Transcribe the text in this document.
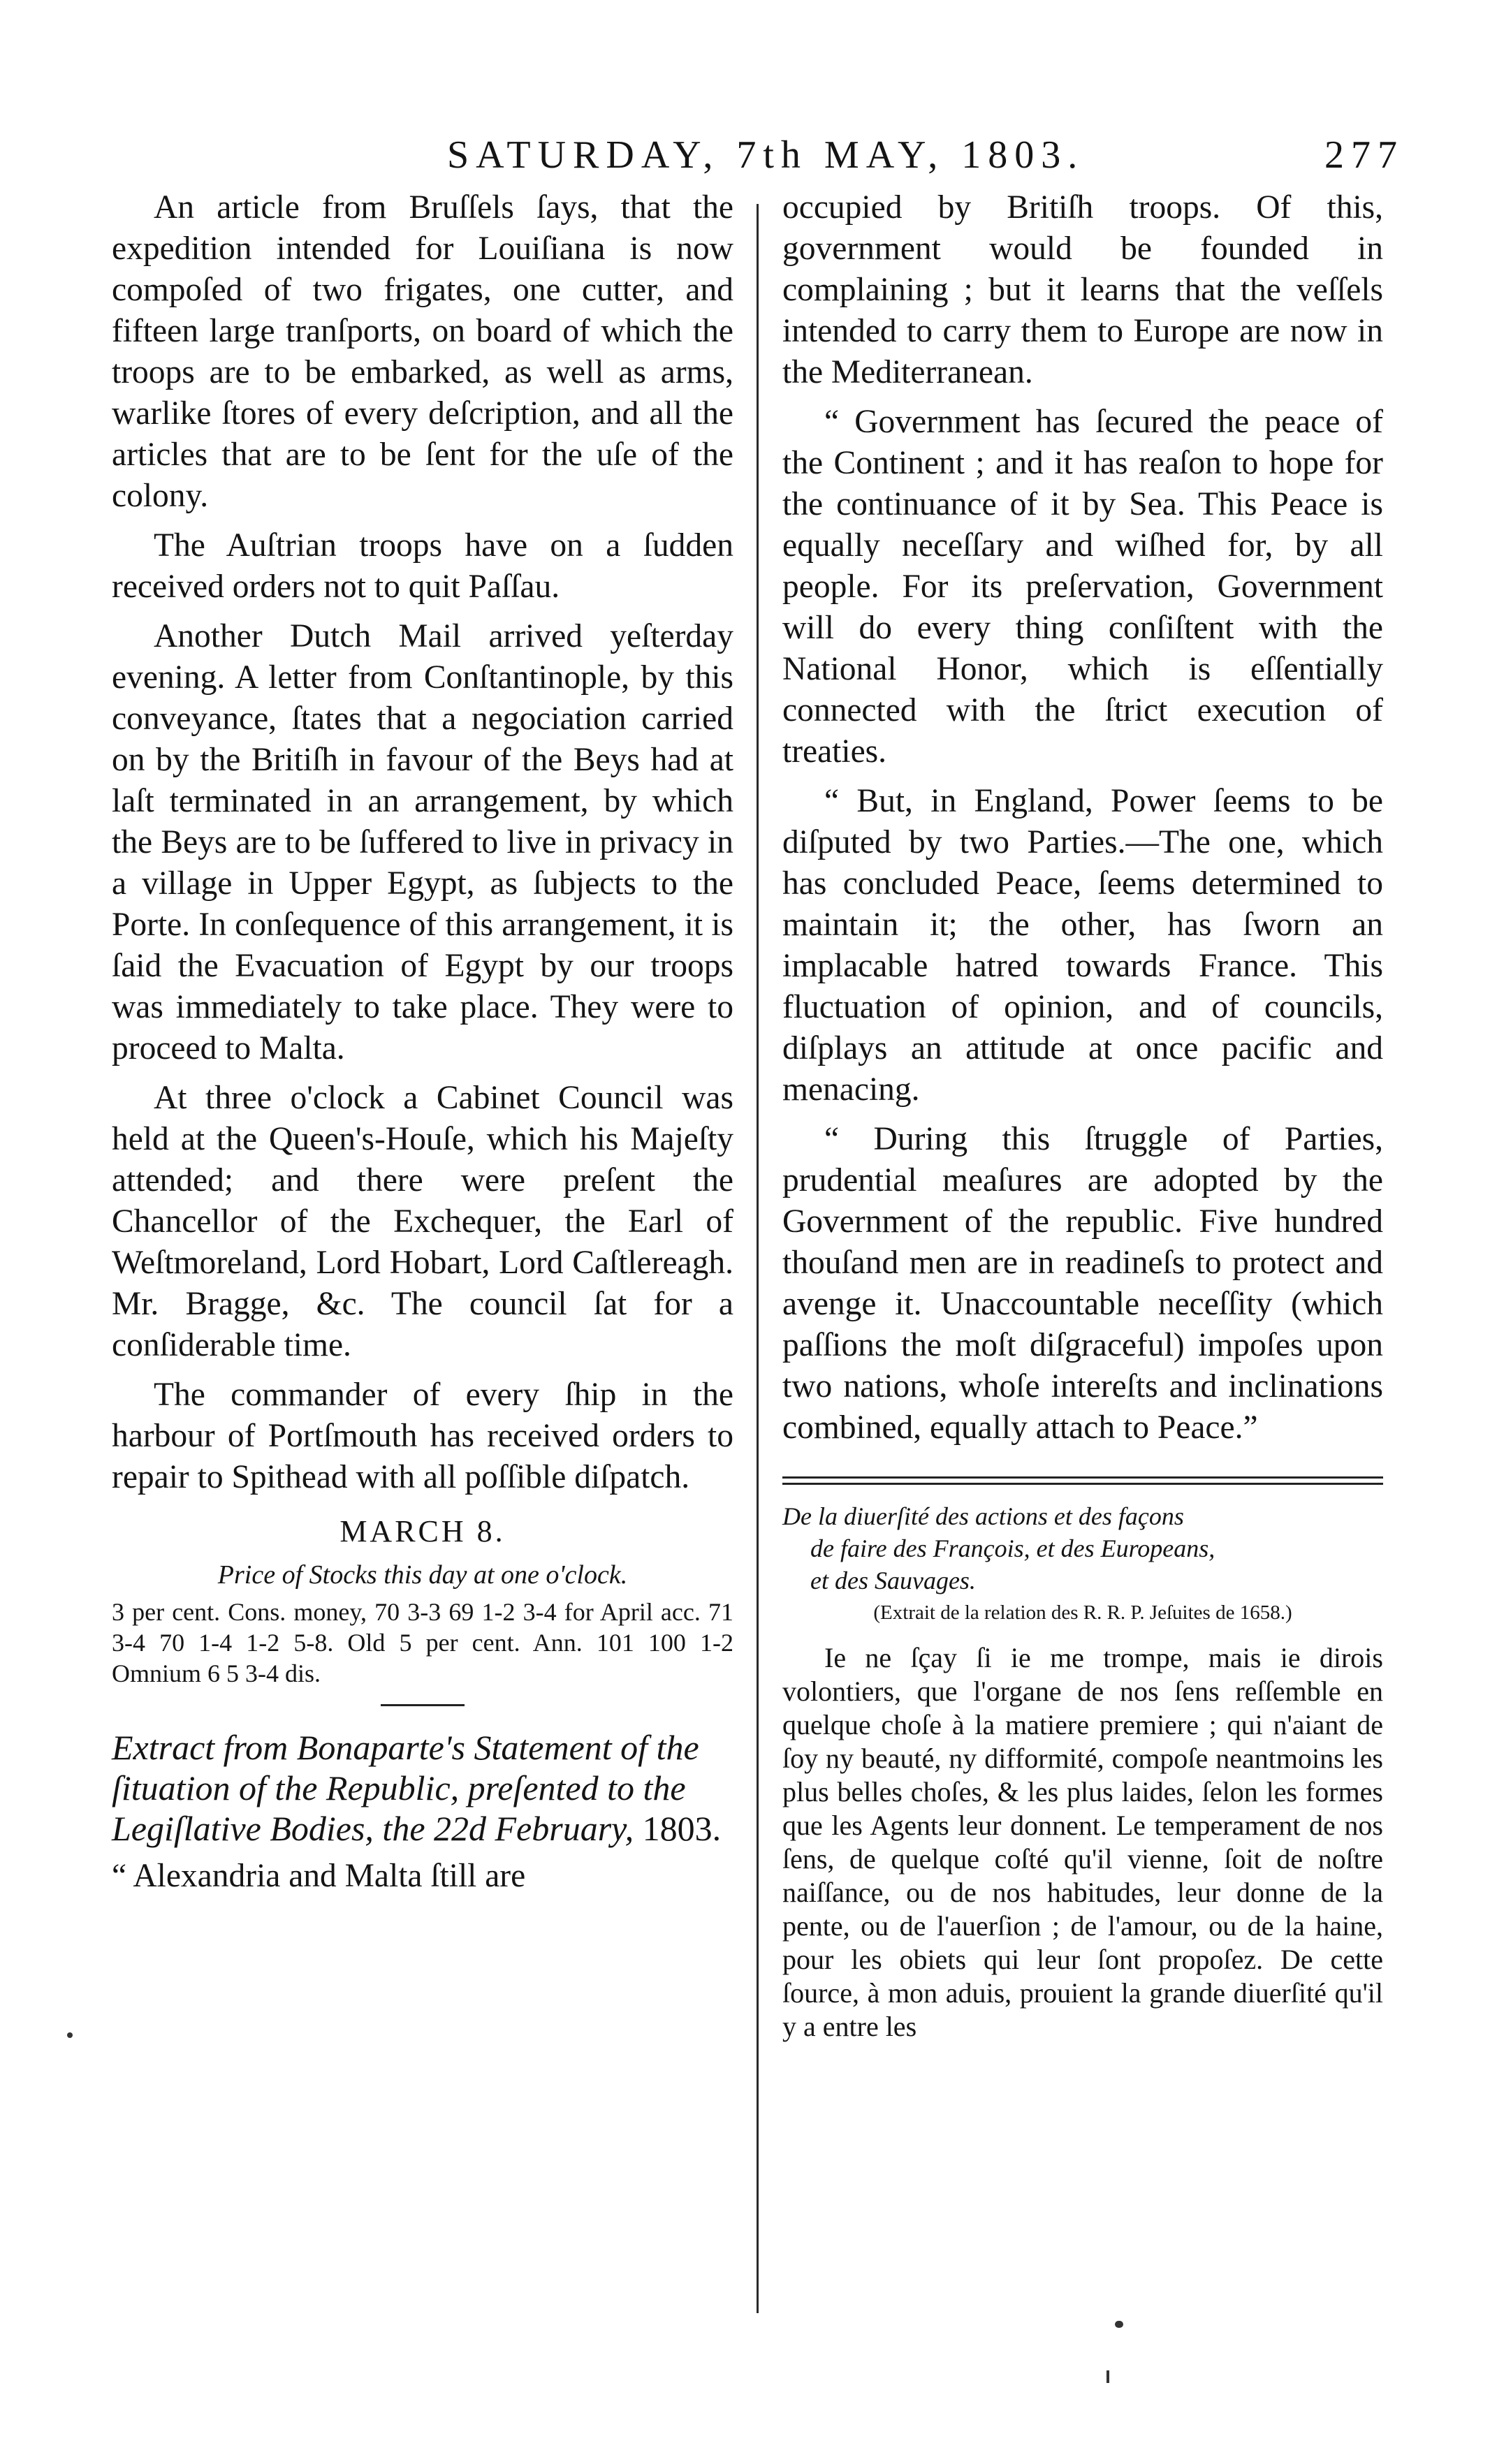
SATURDAY, 7th MAY, 1803.	277

An article from Bruſſels ſays, that the expedition intended for Louiſiana is now compoſed of two frigates, one cutter, and fifteen large tranſports, on board of which the troops are to be embarked, as well as arms, warlike ſtores of every deſcription, and all the articles that are to be ſent for the uſe of the colony.

The Auſtrian troops have on a ſudden received orders not to quit Paſſau.

Another Dutch Mail arrived yeſterday evening. A letter from Conſtantinople, by this conveyance, ſtates that a negociation carried on by the Britiſh in favour of the Beys had at laſt terminated in an arrangement, by which the Beys are to be ſuffered to live in privacy in a village in Upper Egypt, as ſubjects to the Porte. In conſequence of this arrangement, it is ſaid the Evacuation of Egypt by our troops was immediately to take place. They were to proceed to Malta.

At three o'clock a Cabinet Council was held at the Queen's-Houſe, which his Majeſty attended; and there were preſent the Chancellor of the Exchequer, the Earl of Weſtmoreland, Lord Hobart, Lord Caſtlereagh. Mr. Bragge, &c. The council ſat for a conſiderable time.

The commander of every ſhip in the harbour of Portſmouth has received orders to repair to Spithead with all poſſible diſpatch.

MARCH 8.
Price of Stocks this day at one o'clock.
3 per cent. Cons. money, 70 3-3 69 1-2 3-4 for April acc. 71 3-4 70 1-4 1-2 5-8. Old 5 per cent. Ann. 101 100 1-2 Omnium 6 5 3-4 dis.

Extract from Bonaparte's Statement of the ſituation of the Republic, preſented to the Legiſlative Bodies, the 22d February, 1803.

“ Alexandria and Malta ſtill are

occupied by Britiſh troops. Of this, government would be founded in complaining ; but it learns that the veſſels intended to carry them to Europe are now in the Mediterranean.

“ Government has ſecured the peace of the Continent ; and it has reaſon to hope for the continuance of it by Sea. This Peace is equally neceſſary and wiſhed for, by all people. For its preſervation, Government will do every thing conſiſtent with the National Honor, which is eſſentially connected with the ſtrict execution of treaties.

“ But, in England, Power ſeems to be diſputed by two Parties.—The one, which has concluded Peace, ſeems determined to maintain it; the other, has ſworn an implacable hatred towards France. This fluctuation of opinion, and of councils, diſplays an attitude at once pacific and menacing.

“ During this ſtruggle of Parties, prudential meaſures are adopted by the Government of the republic. Five hundred thouſand men are in readineſs to protect and avenge it. Unaccountable neceſſity (which paſſions the moſt diſgraceful) impoſes upon two nations, whoſe intereſts and inclinations combined, equally attach to Peace.”

De la diuerſité des actions et des façons
de faire des François, et des Europeans,
et des Sauvages.

(Extrait de la relation des R. R. P. Jeſuites de 1658.)

Ie ne ſçay ſi ie me trompe, mais ie dirois volontiers, que l'organe de nos ſens reſſemble en quelque choſe à la matiere premiere ; qui n'aiant de ſoy ny beauté, ny difformité, compoſe neantmoins les plus belles choſes, & les plus laides, ſelon les formes que les Agents leur donnent. Le temperament de nos ſens, de quelque coſté qu'il vienne, ſoit de noſtre naiſſance, ou de nos habitudes, leur donne de la pente, ou de l'auerſion ; de l'amour, ou de la haine, pour les obiets qui leur ſont propoſez. De cette ſource, à mon aduis, prouient la grande diuerſité qu'il y a entre les
